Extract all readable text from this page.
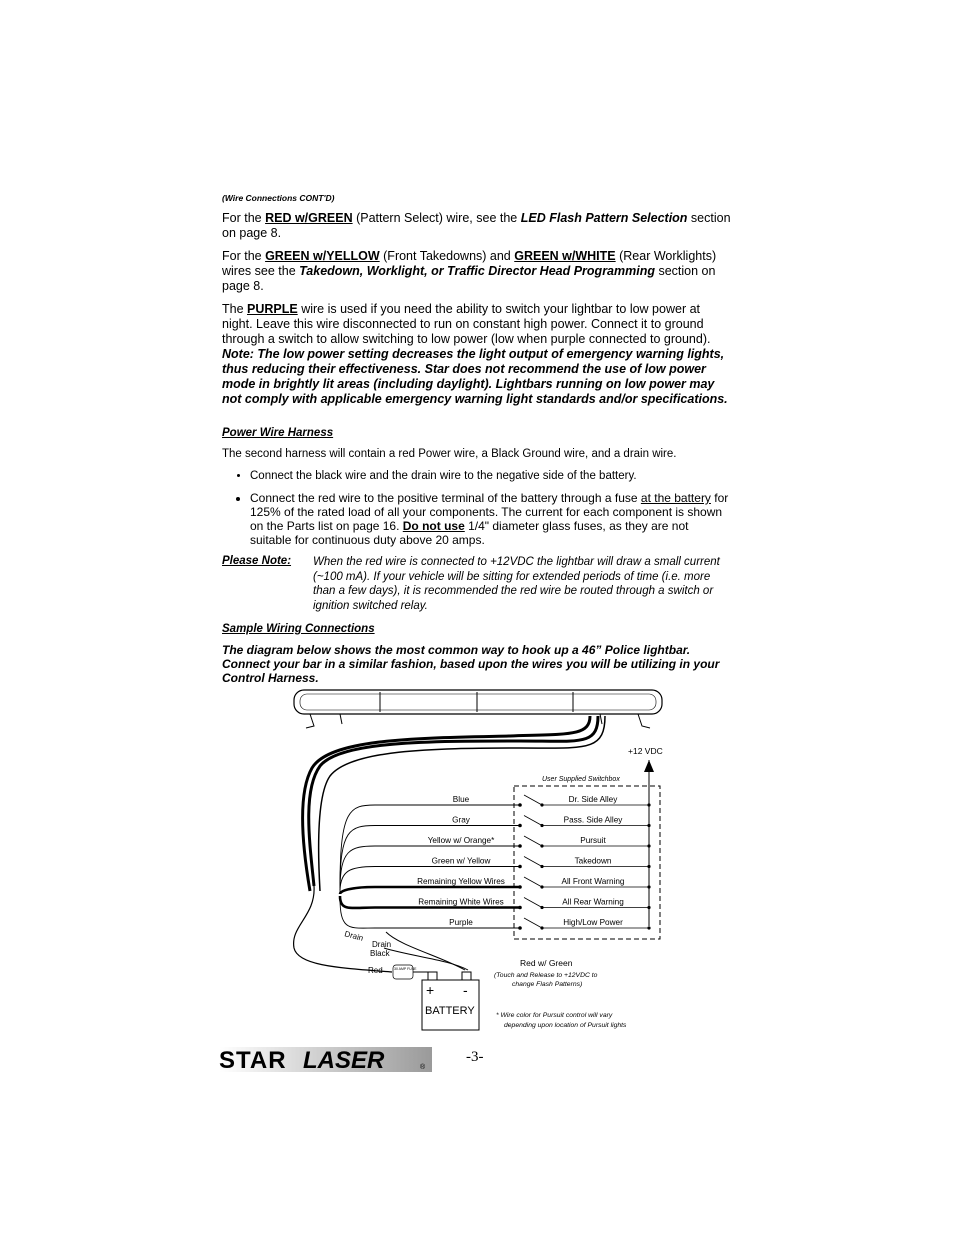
(Wire Connections CONT'D)

For the RED w/GREEN (Pattern Select) wire, see the LED Flash Pattern Selection section on page 8.

For the GREEN w/YELLOW (Front Takedowns) and GREEN w/WHITE (Rear Worklights) wires see the Takedown, Worklight, or Traffic Director Head Programming section on page 8.

The PURPLE wire is used if you need the ability to switch your lightbar to low power at night. Leave this wire disconnected to run on constant high power. Connect it to ground through a switch to allow switching to low power (low when purple connected to ground).
Note: The low power setting decreases the light output of emergency warning lights, thus reducing their effectiveness. Star does not recommend the use of low power mode in brightly lit areas (including daylight). Lightbars running on low power may not comply with applicable emergency warning light standards and/or specifications.

Power Wire Harness

The second harness will contain a red Power wire, a Black Ground wire, and a drain wire.

• Connect the black wire and the drain wire to the negative side of the battery.
• Connect the red wire to the positive terminal of the battery through a fuse at the battery for 125% of the rated load of all your components. The current for each component is shown on the Parts list on page 16. Do not use 1/4" diameter glass fuses, as they are not suitable for continuous duty above 20 amps.
Please Note:	When the red wire is connected to +12VDC the lightbar will draw a small current (~100 mA). If your vehicle will be sitting for extended periods of time (i.e. more than a few days), it is recommended the red wire be routed through a switch or ignition switched relay.
Sample Wiring Connections

The diagram below shows the most common way to hook up a 46” Police lightbar. Connect your bar in a similar fashion, based upon the wires you will be utilizing in your Control Harness.

+12 VDC
User Supplied Switchbox
Blue	Dr. Side Alley
Gray	Pass. Side Alley
Yellow w/ Orange*	Pursuit
Green w/ Yellow	Takedown
Remaining Yellow Wires	All Front Warning
Remaining White Wires	All Rear Warning
Purple	High/Low Power
Drain
Drain
Black
Red	30 AMP FUSE
+ -
BATTERY
Red w/ Green
(Touch and Release to +12VDC to
change Flash Patterns)
* Wire color for Pursuit control will vary
depending upon location of Pursuit lights
STAR LASER	®
-3-
